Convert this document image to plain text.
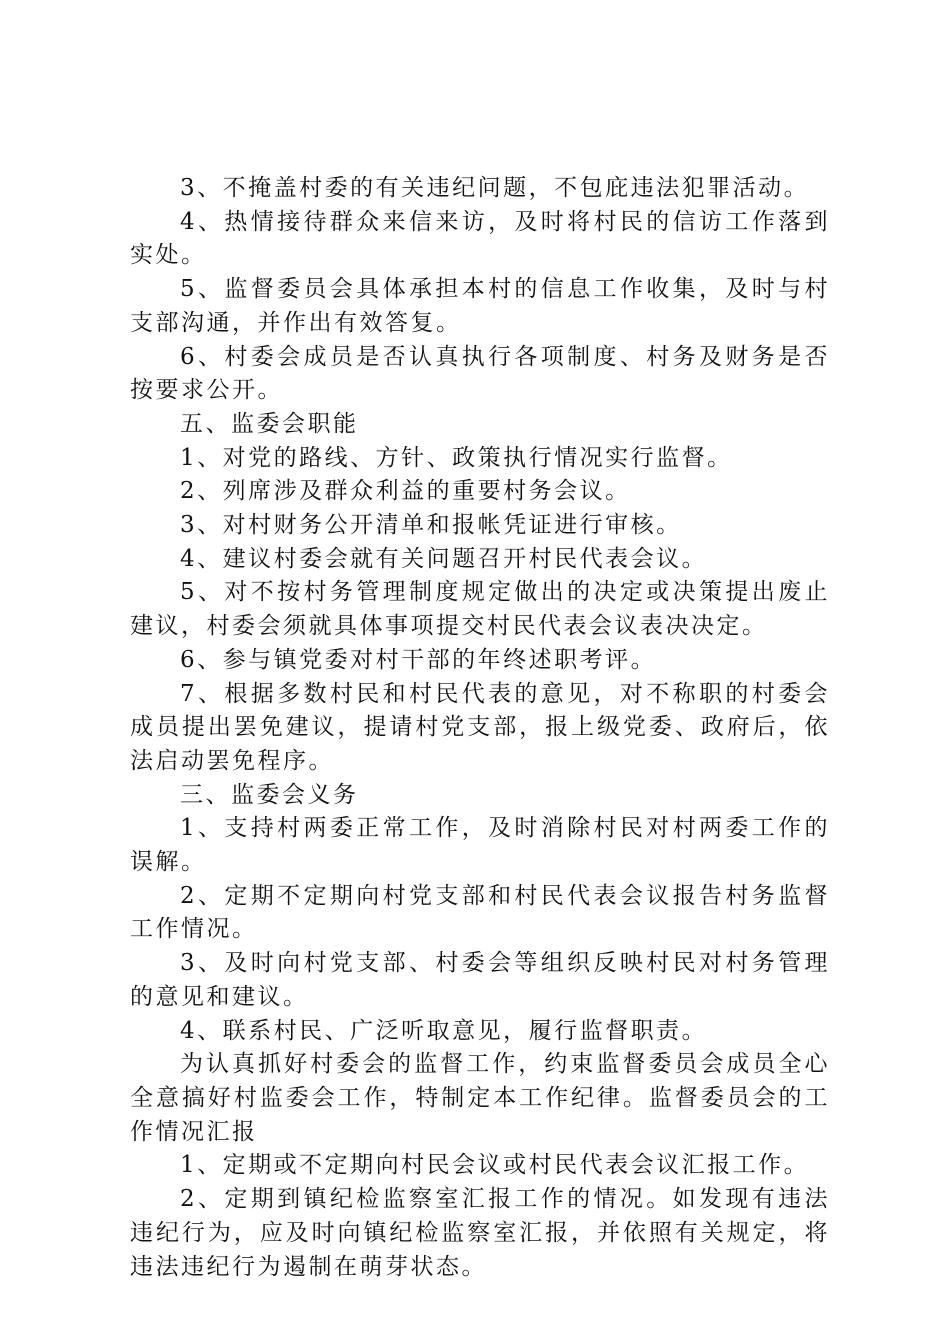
3、不掩盖村委的有关违纪问题，不包庇违法犯罪活动。

4、热情接待群众来信来访，及时将村民的信访工作落到实处。

5、监督委员会具体承担本村的信息工作收集，及时与村支部沟通，并作出有效答复。

6、村委会成员是否认真执行各项制度、村务及财务是否按要求公开。

五、监委会职能

1、对党的路线、方针、政策执行情况实行监督。

2、列席涉及群众利益的重要村务会议。

3、对村财务公开清单和报帐凭证进行审核。

4、建议村委会就有关问题召开村民代表会议。

5、对不按村务管理制度规定做出的决定或决策提出废止建议，村委会须就具体事项提交村民代表会议表决决定。

6、参与镇党委对村干部的年终述职考评。

7、根据多数村民和村民代表的意见，对不称职的村委会成员提出罢免建议，提请村党支部，报上级党委、政府后，依法启动罢免程序。

三、监委会义务

1、支持村两委正常工作，及时消除村民对村两委工作的误解。

2、定期不定期向村党支部和村民代表会议报告村务监督工作情况。

3、及时向村党支部、村委会等组织反映村民对村务管理的意见和建议。

4、联系村民、广泛听取意见，履行监督职责。

为认真抓好村委会的监督工作，约束监督委员会成员全心全意搞好村监委会工作，特制定本工作纪律。监督委员会的工作情况汇报

1、定期或不定期向村民会议或村民代表会议汇报工作。

2、定期到镇纪检监察室汇报工作的情况。如发现有违法违纪行为，应及时向镇纪检监察室汇报，并依照有关规定，将违法违纪行为遏制在萌芽状态。
